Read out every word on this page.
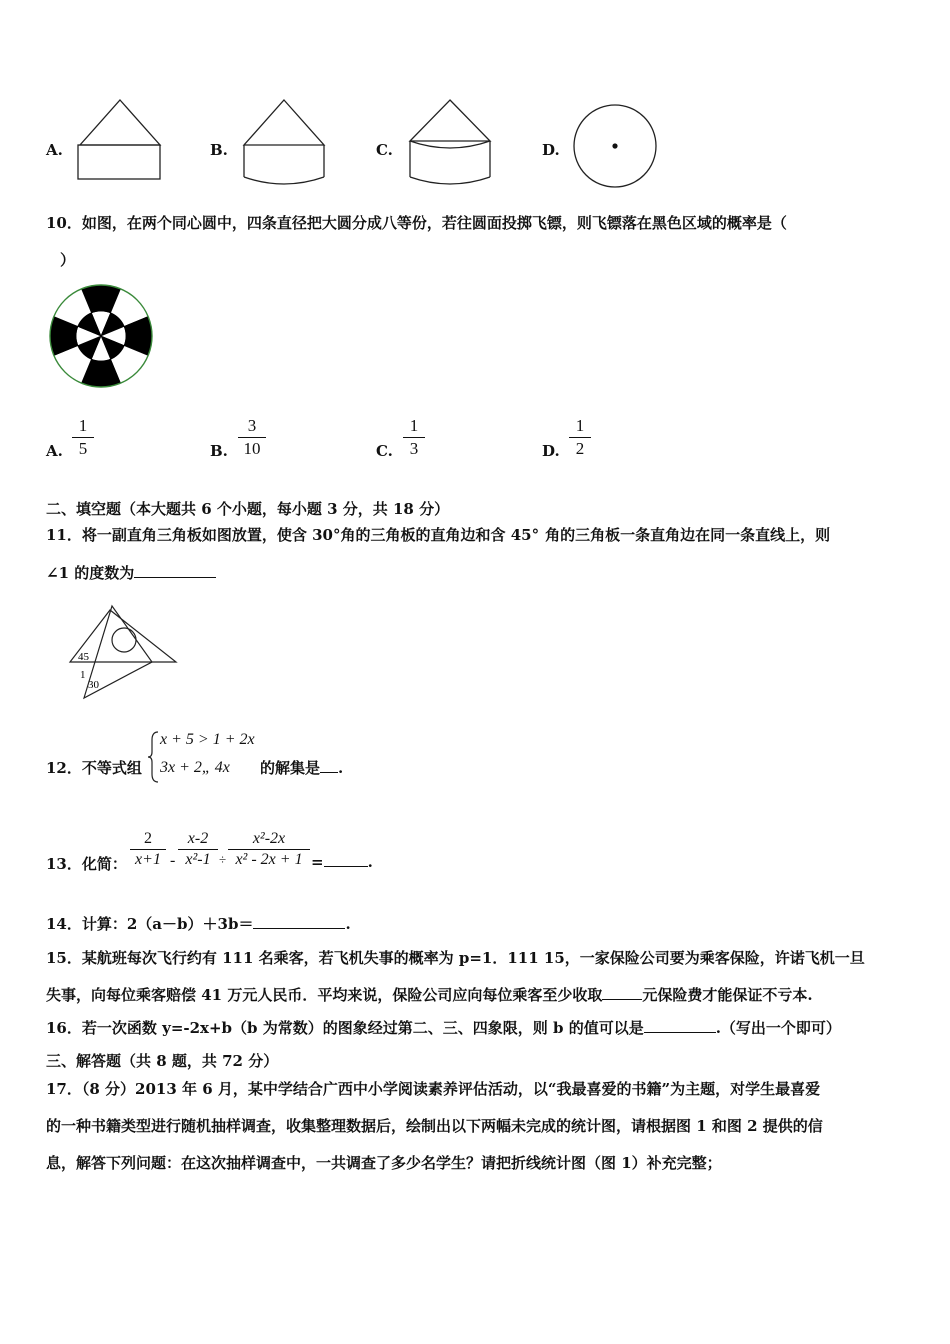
A.	B.	C.	D.
10．如图，在两个同心圆中，四条直径把大圆分成八等份，若往圆面投掷飞镖，则飞镖落在黑色区域的概率是（
）
A.
1
5	B.
3
10	C.
1
3	D.
1
2
二、填空题（本大题共 6 个小题，每小题 3 分，共 18 分）
11．将一副直角三角板如图放置，使含 30°角的三角板的直角边和含 45° 角的三角板一条直角边在同一条直线上，则
∠1 的度数为
45
1
30
12．不等式组
x + 5 > 1 + 2x
3x + 2„ 4x 的解集是 .
13．化简：
2
x+1 -
x-2
x²-1 ÷
x²-2x
x² - 2x + 1 =	.
14．计算：2（a－b）＋3b＝	.
15．某航班每次飞行约有 111 名乘客，若飞机失事的概率为 p=1．111 15，一家保险公司要为乘客保险，许诺飞机一旦
失事，向每位乘客赔偿 41 万元人民币．平均来说，保险公司应向每位乘客至少收取	元保险费才能保证不亏本.
16．若一次函数 y=-2x+b（b 为常数）的图象经过第二、三、四象限，则 b 的值可以是	.（写出一个即可）
三、解答题（共 8 题，共 72 分）
17．（8 分）2013 年 6 月，某中学结合广西中小学阅读素养评估活动，以“我最喜爱的书籍”为主题，对学生最喜爱
的一种书籍类型进行随机抽样调查，收集整理数据后，绘制出以下两幅未完成的统计图，请根据图 1 和图 2 提供的信
息，解答下列问题：在这次抽样调查中，一共调查了多少名学生？请把折线统计图（图 1）补充完整；
